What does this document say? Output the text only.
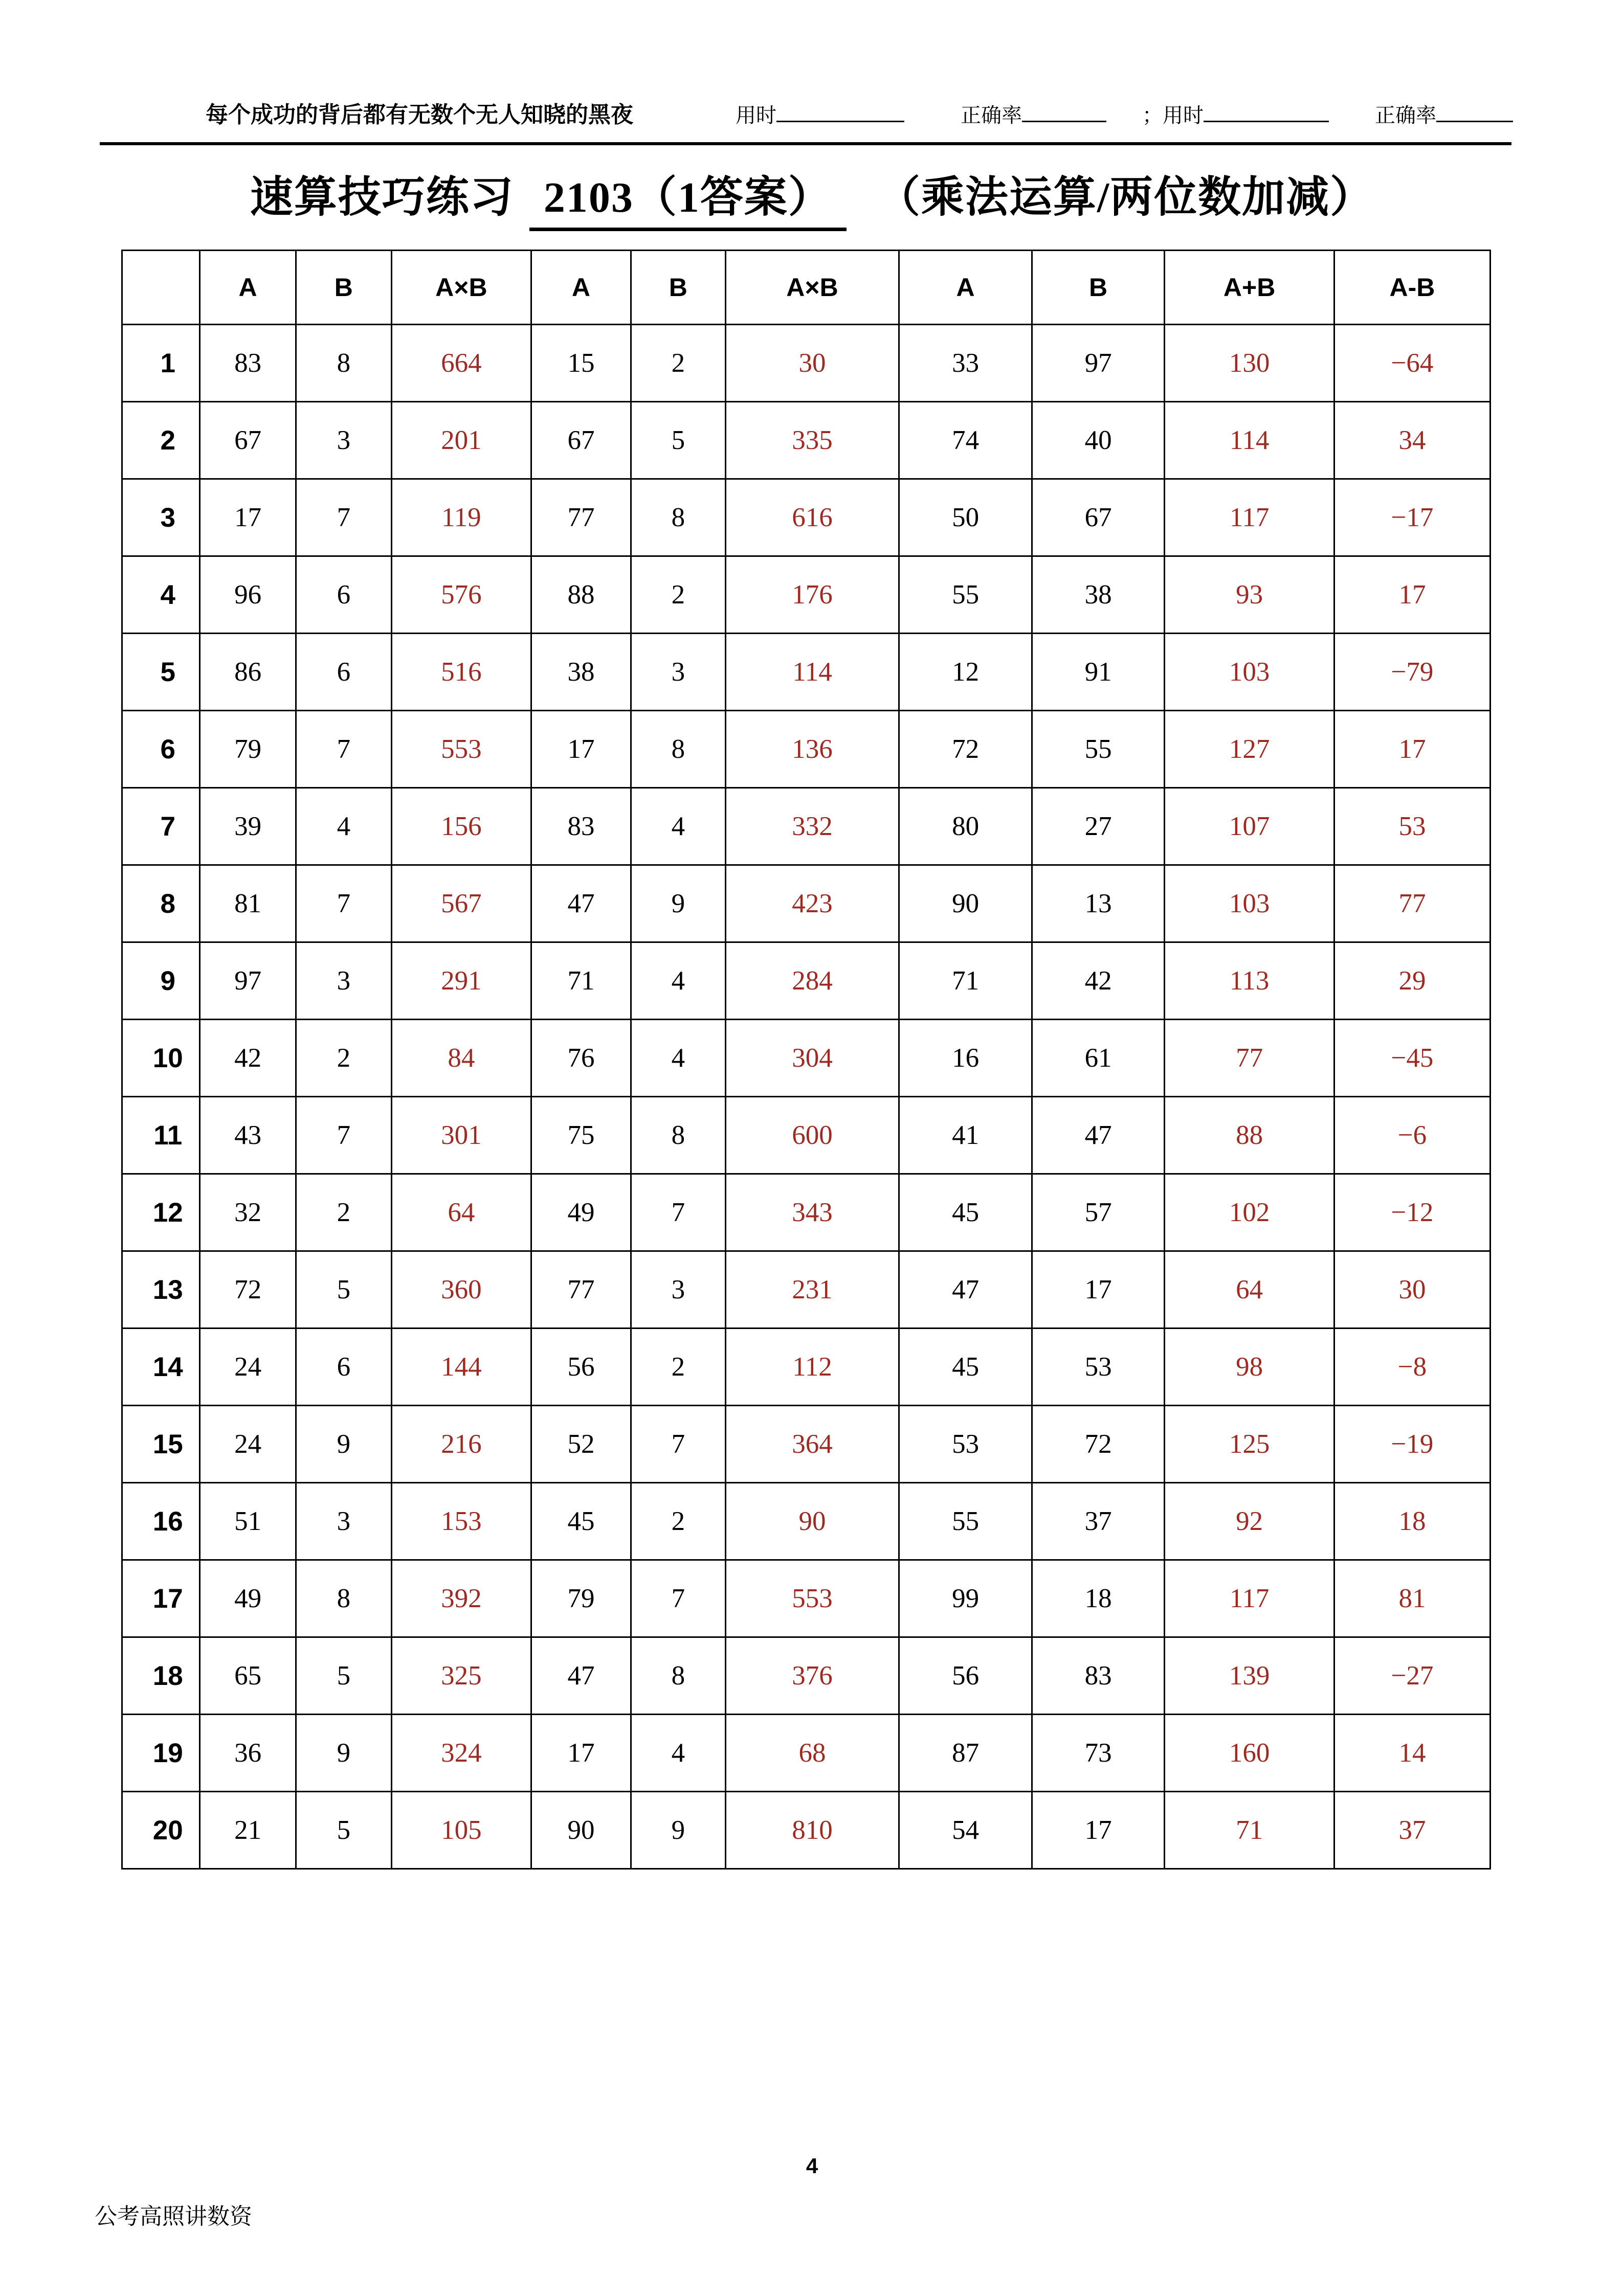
每个成功的背后都有无数个无人知晓的黑夜	用时	正确率	；用时	正确率
速算技巧练习 2103（1答案） （乘法运算/两位数加减）
	A	B	A×B	A	B	A×B	A	B	A+B	A-B
1	83	8	664	15	2	30	33	97	130	−64
2	67	3	201	67	5	335	74	40	114	34
3	17	7	119	77	8	616	50	67	117	−17
4	96	6	576	88	2	176	55	38	93	17
5	86	6	516	38	3	114	12	91	103	−79
6	79	7	553	17	8	136	72	55	127	17
7	39	4	156	83	4	332	80	27	107	53
8	81	7	567	47	9	423	90	13	103	77
9	97	3	291	71	4	284	71	42	113	29
10	42	2	84	76	4	304	16	61	77	−45
11	43	7	301	75	8	600	41	47	88	−6
12	32	2	64	49	7	343	45	57	102	−12
13	72	5	360	77	3	231	47	17	64	30
14	24	6	144	56	2	112	45	53	98	−8
15	24	9	216	52	7	364	53	72	125	−19
16	51	3	153	45	2	90	55	37	92	18
17	49	8	392	79	7	553	99	18	117	81
18	65	5	325	47	8	376	56	83	139	−27
19	36	9	324	17	4	68	87	73	160	14
20	21	5	105	90	9	810	54	17	71	37
4
公考高照讲数资
